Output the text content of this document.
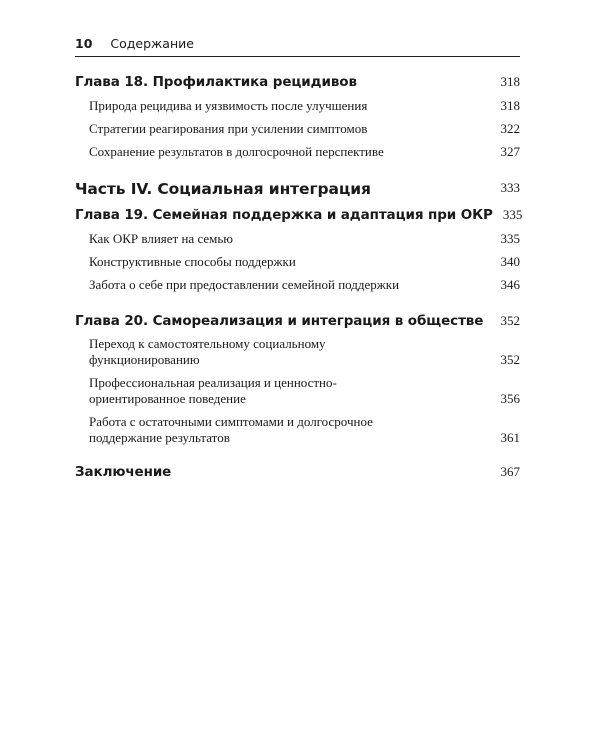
10 Содержание
Глава 18. Профилактика рецидивов	318
Природа рецидива и уязвимость после улучшения	318
Стратегии реагирования при усилении симптомов	322
Сохранение результатов в долгосрочной перспективе	327
Часть IV. Социальная интеграция	333
Глава 19. Семейная поддержка и адаптация при ОКР 335
Как ОКР влияет на семью	335
Конструктивные способы поддержки	340
Забота о себе при предоставлении семейной поддержки	346
Глава 20. Самореализация и интеграция в обществе	352
Переход к самостоятельному социальному функционированию	352
Профессиональная реализация и ценностно-ориентированное поведение	356
Работа с остаточными симптомами и долгосрочное поддержание результатов	361
Заключение	367
